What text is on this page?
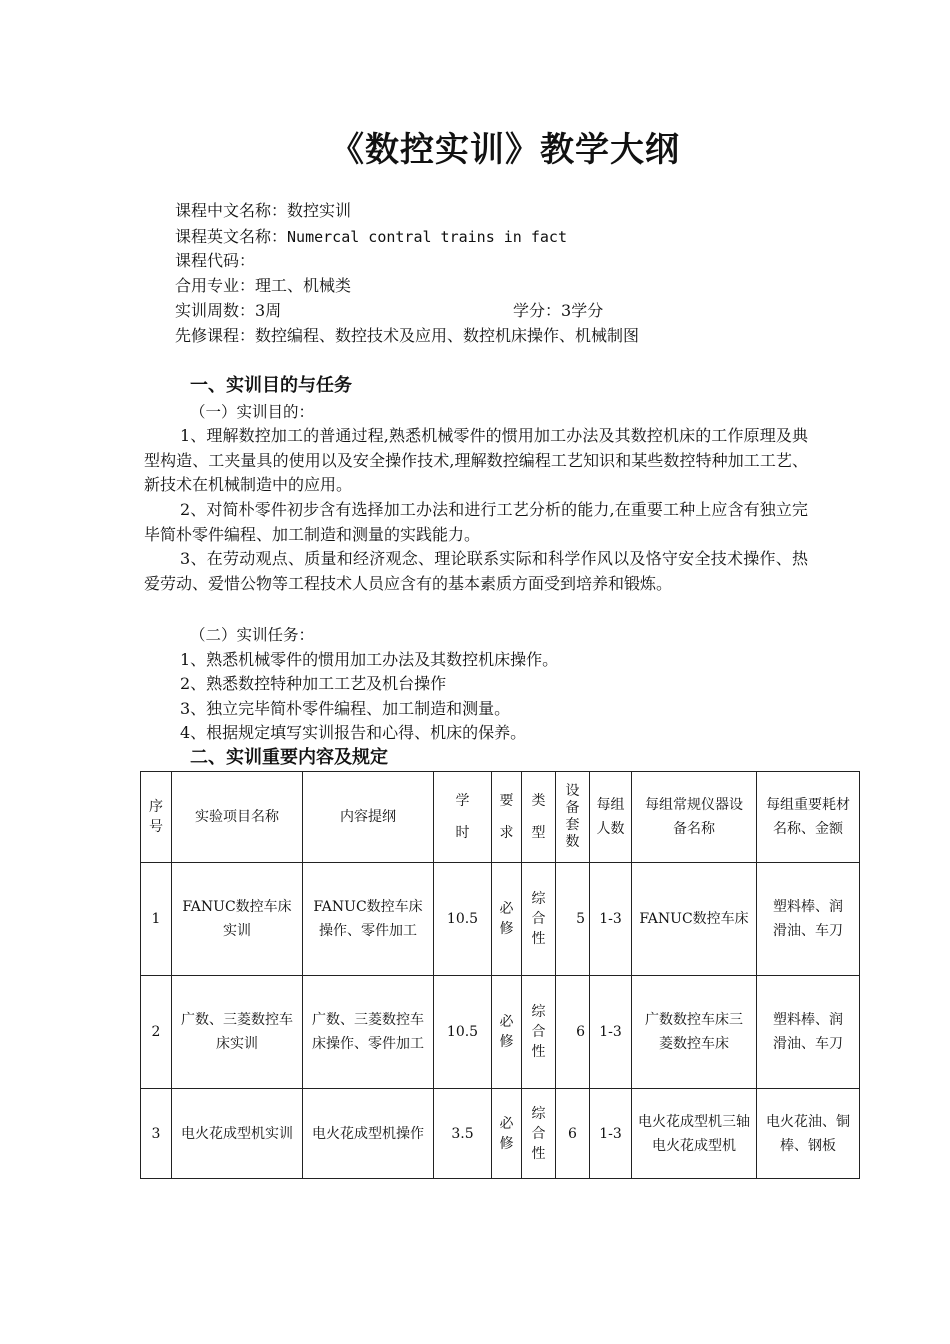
《数控实训》教学大纲
课程中文名称：数控实训
课程英文名称：Numercal contral trains in fact
课程代码：
合用专业：理工、机械类
实训周数：3周	学分：3学分
先修课程：数控编程、数控技术及应用、数控机床操作、机械制图
一、实训目的与任务
（一）实训目的：

1、理解数控加工的普通过程,熟悉机械零件的惯用加工办法及其数控机床的工作原理及典型构造、工夹量具的使用以及安全操作技术,理解数控编程工艺知识和某些数控特种加工工艺、新技术在机械制造中的应用。

2、对简朴零件初步含有选择加工办法和进行工艺分析的能力,在重要工种上应含有独立完毕简朴零件编程、加工制造和测量的实践能力。

3、在劳动观点、质量和经济观念、理论联系实际和科学作风以及恪守安全技术操作、热爱劳动、爱惜公物等工程技术人员应含有的基本素质方面受到培养和锻炼。

（二）实训任务：
1、熟悉机械零件的惯用加工办法及其数控机床操作。
2、熟悉数控特种加工工艺及机台操作
3、独立完毕简朴零件编程、加工制造和测量。
4、根据规定填写实训报告和心得、机床的保养。
二、实训重要内容及规定
序号	实验项目名称	内容提纲	学时	要求	类型	设备套数	每组人数	每组常规仪器设备名称	每组重要耗材名称、金额
1	FANUC数控车床实训	FANUC数控车床操作、零件加工	10.5	必修	综合性	5	1-3	FANUC数控车床	塑料棒、润滑油、车刀

2	广数、三菱数控车床实训	广数、三菱数控车床操作、零件加工	10.5	必修	综合性	6	1-3	广数数控车床三菱数控车床	塑料棒、润滑油、车刀

3	电火花成型机实训	电火花成型机操作	3.5	必修	综合性	6	1-3	电火花成型机三轴电火花成型机	电火花油、铜棒、钢板
